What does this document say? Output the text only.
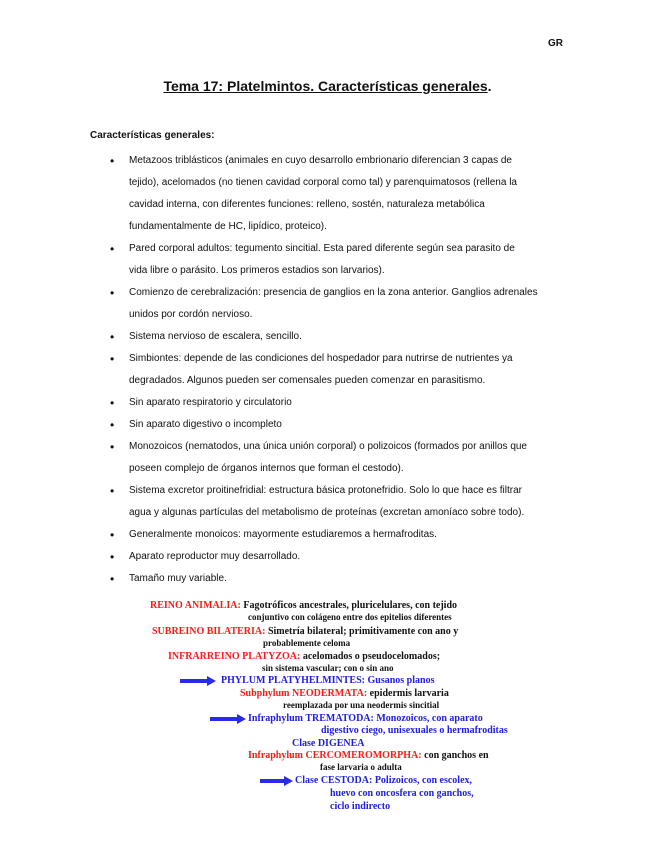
GR
Tema 17: Platelmintos. Características generales.
Características generales:
• Metazoos triblásticos (animales en cuyo desarrollo embrionario diferencian 3 capas de
tejido), acelomados (no tienen cavidad corporal como tal) y parenquimatosos (rellena la
cavidad interna, con diferentes funciones: relleno, sostén, naturaleza metabólica
fundamentalmente de HC, lipídico, proteico).
• Pared corporal adultos: tegumento sincitial. Esta pared diferente según sea parasito de
vida libre o parásito. Los primeros estadios son larvarios).
• Comienzo de cerebralización: presencia de ganglios en la zona anterior. Ganglios adrenales
unidos por cordón nervioso.
• Sistema nervioso de escalera, sencillo.
• Simbiontes: depende de las condiciones del hospedador para nutrirse de nutrientes ya
degradados. Algunos pueden ser comensales pueden comenzar en parasitismo.
• Sin aparato respiratorio y circulatorio
• Sin aparato digestivo o incompleto
• Monozoicos (nematodos, una única unión corporal) o polizoicos (formados por anillos que
poseen complejo de órganos internos que forman el cestodo).
• Sistema excretor proitinefridial: estructura básica protonefridio. Solo lo que hace es filtrar
agua y algunas partículas del metabolismo de proteínas (excretan amoníaco sobre todo).
• Generalmente monoicos: mayormente estudiaremos a hermafroditas.
• Aparato reproductor muy desarrollado.
• Tamaño muy variable.
REINO ANIMALIA: Fagotróficos ancestrales, pluricelulares, con tejido
conjuntivo con colágeno entre dos epitelios diferentes
SUBREINO BILATERIA: Simetría bilateral; primitivamente con ano y
probablemente celoma
INFRARREINO PLATYZOA: acelomados o pseudocelomados;
sin sistema vascular; con o sin ano
PHYLUM PLATYHELMINTES: Gusanos planos
Subphylum NEODERMATA: epidermis larvaria
reemplazada por una neodermis sincitial
Infraphylum TREMATODA: Monozoicos, con aparato
digestivo ciego, unisexuales o hermafroditas
Clase DIGENEA
Infraphylum CERCOMEROMORPHA: con ganchos en
fase larvaria o adulta
Clase CESTODA: Polizoicos, con escolex,
huevo con oncosfera con ganchos,
ciclo indirecto
